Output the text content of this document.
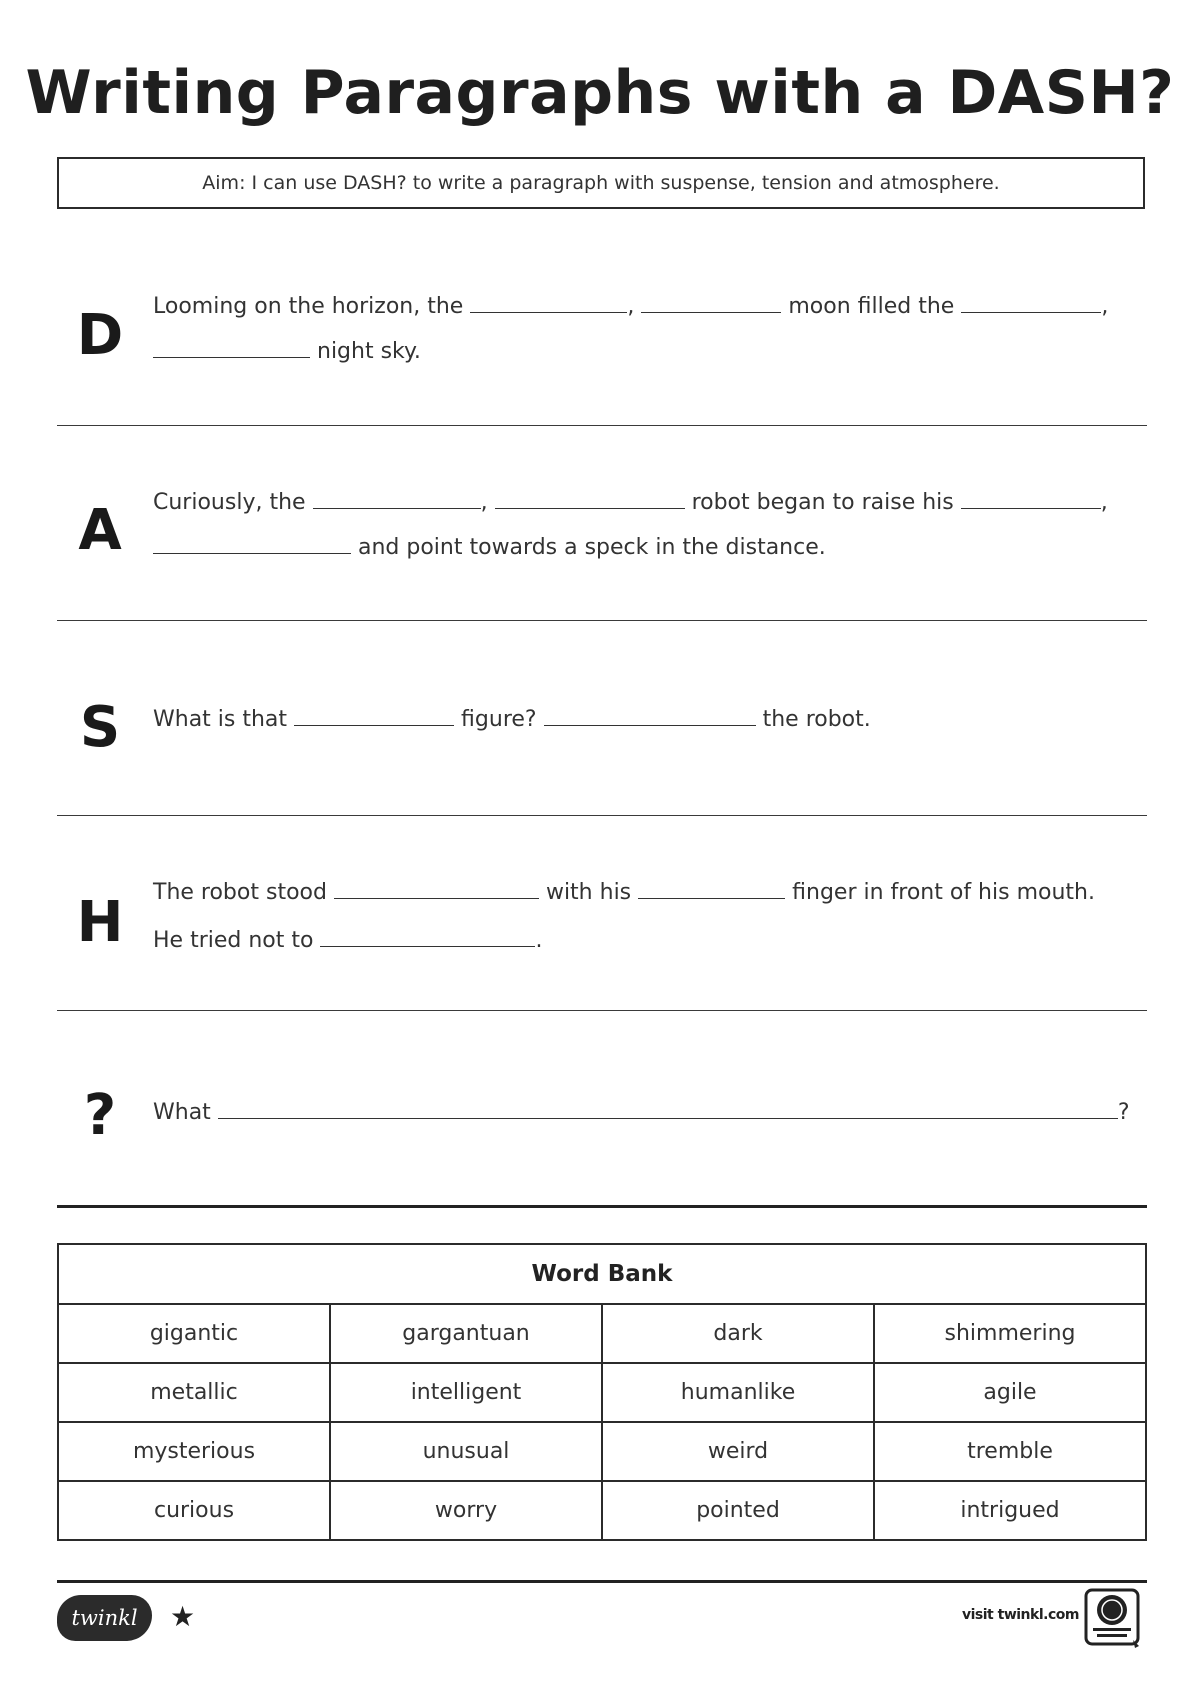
Writing Paragraphs with a DASH?
Aim: I can use DASH? to write a paragraph with suspense, tension and atmosphere.
D	Looming on the horizon, the	,	moon filled the	,
night sky.
A	Curiously, the	,	robot began to raise his	,
and point towards a speck in the distance.
S	What is that	figure?	the robot.
H The robot stood	with his	finger in front of his mouth.
He tried not to	.
?	What	?
Word Bank			
gigantic	gargantuan	dark	shimmering
metallic	intelligent	humanlike	agile
mysterious	unusual	weird	tremble
curious	worry	pointed	intrigued
twinkl ★	visit twinkl.com
